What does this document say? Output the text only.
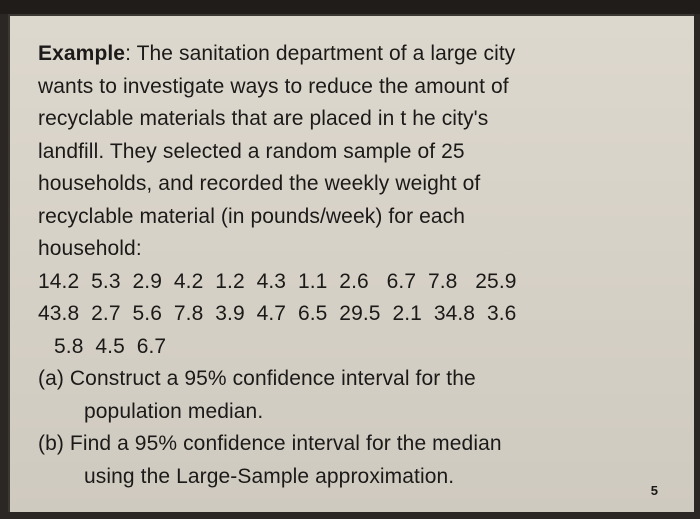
Example: The sanitation department of a large city
wants to investigate ways to reduce the amount of
recyclable materials that are placed in t he city's
landfill. They selected a random sample of 25
households, and recorded the weekly weight of
recyclable material (in pounds/week) for each
household:
14.2  5.3  2.9  4.2  1.2  4.3  1.1  2.6   6.7  7.8   25.9
43.8  2.7  5.6  7.8  3.9  4.7  6.5  29.5  2.1  34.8  3.6
5.8  4.5  6.7
(a) Construct a 95% confidence interval for the
population median.
(b) Find a 95% confidence interval for the median
using the Large-Sample approximation.
5
